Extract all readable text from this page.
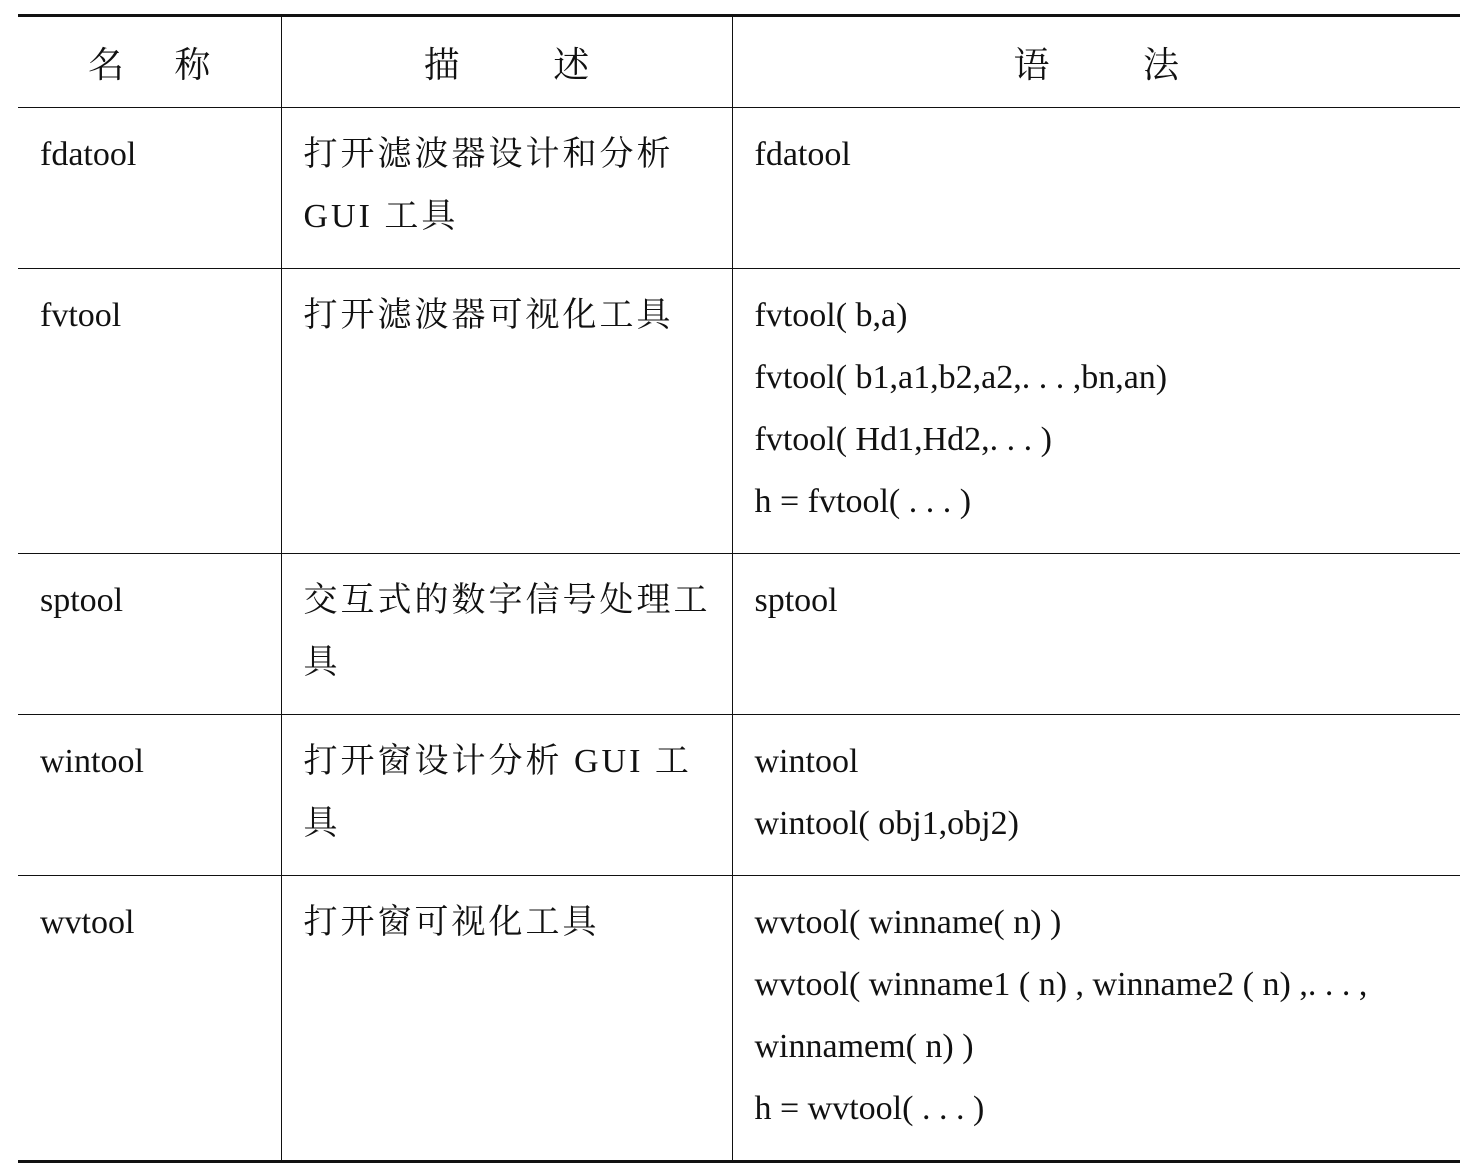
名称	描述	语法
fdatool	打开滤波器设计和分析 GUI 工具	fdatool

fvtool	打开滤波器可视化工具	fvtool( b,a)
fvtool( b1,a1,b2,a2,. . . ,bn,an)
fvtool( Hd1,Hd2,. . . )
h = fvtool( . . . )

sptool	交互式的数字信号处理工具	sptool

wintool	打开窗设计分析 GUI 工具	wintool
wintool( obj1,obj2)

wvtool	打开窗可视化工具	wvtool( winname( n) )
wvtool( winname1 ( n) , winname2 ( n) ,. . . ,
winnamem( n) )
h = wvtool( . . . )
